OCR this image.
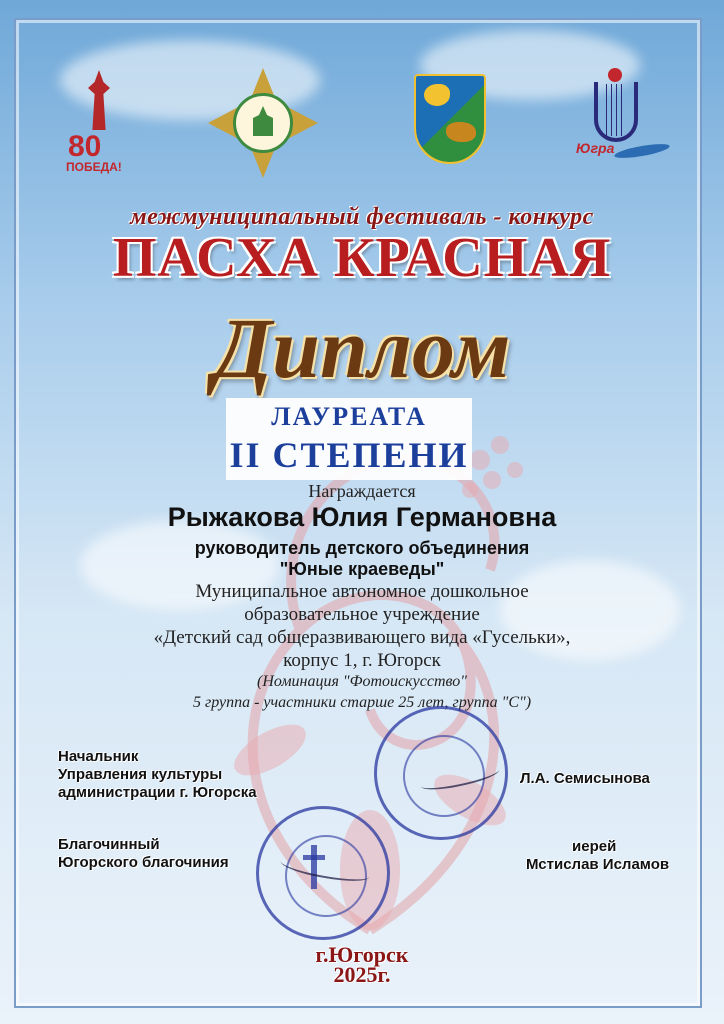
80
ПОБЕДА!
Югра
межмуниципальный фестиваль - конкурс
ПАСХА КРАСНАЯ
Диплом
ЛАУРЕАТА
II СТЕПЕНИ
Награждается
Рыжакова Юлия Германовна
руководитель детского объединения
"Юные краеведы"
Муниципальное автономное дошкольное
образовательное учреждение
«Детский сад общеразвивающего вида «Гусельки»,
корпус 1, г. Югорск
(Номинация "Фотоискусство"
5 группа - участники старше 25 лет, группа "С")
Начальник
Управления культуры
администрации г. Югорска
Л.А. Семисынова
Благочинный
Югорского благочиния
иерей
Мстислав Исламов
г.Югорск
2025г.
